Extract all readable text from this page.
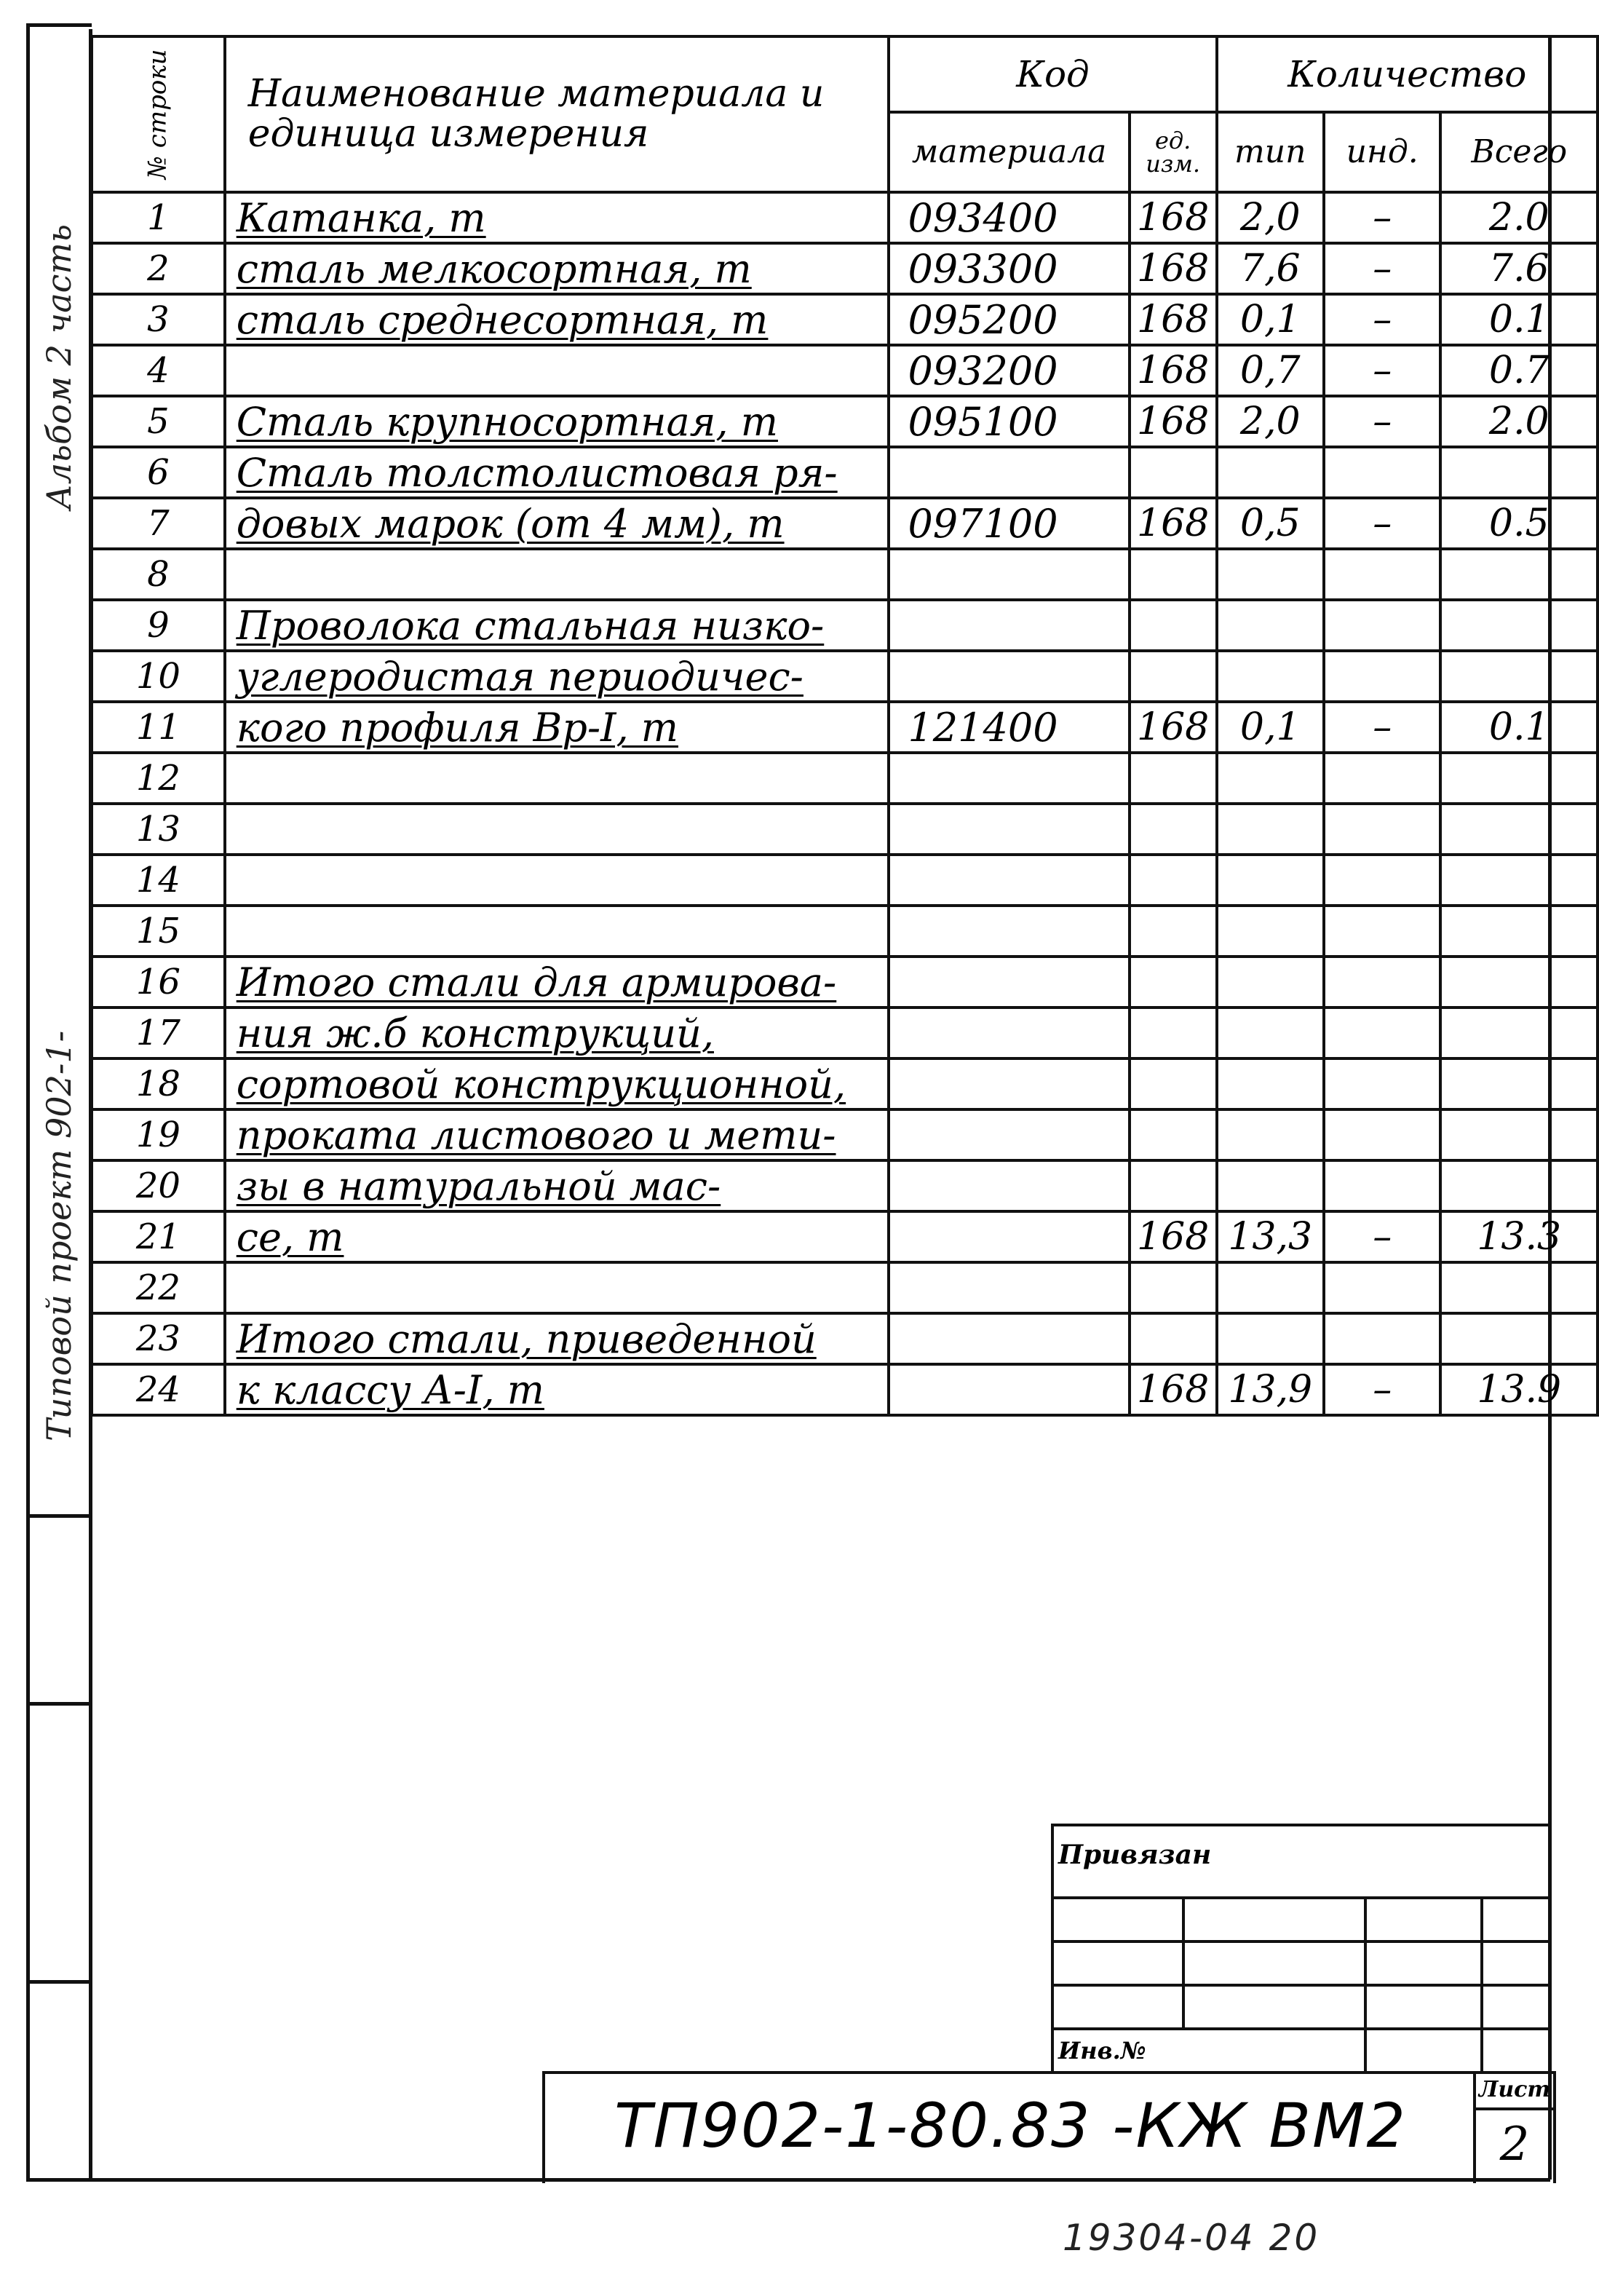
Альбом 2 часть
Типовой проект 902-1-
№ строки	Наименование материала и единица измерения	Код		Количество		
		материала	ед. изм.	тип	инд.	Всего
1	Катанка, т	093400	168	2,0	–	2.0
2	сталь мелкосортная, т	093300	168	7,6	–	7.6
3	сталь среднесортная, т	095200	168	0,1	–	0.1
4		093200	168	0,7	–	0.7
5	Сталь крупносортная, т	095100	168	2,0	–	2.0
6	Сталь толстолистовая ря-					
7	довых марок (от 4 мм), т	097100	168	0,5	–	0.5
8						
9	Проволока стальная низко-					
10	углеродистая периодичес-					
11	кого профиля Вр-I, т	121400	168	0,1	–	0.1
12						
13						
14						
15						
16	Итого стали для армирова-					
17	ния ж.б конструкций,					
18	сортовой конструкционной,					
19	проката листового и мети-					
20	зы в натуральной мас-					
21	се, т		168	13,3	–	13.3
22						
23	Итого стали, приведенной					
24	к классу А-I, т		168	13,9	–	13.9
Привязан			

Инв.№			
ТП902-1-80.83 -КЖ ВМ2
Лист
2
19304-04 20
